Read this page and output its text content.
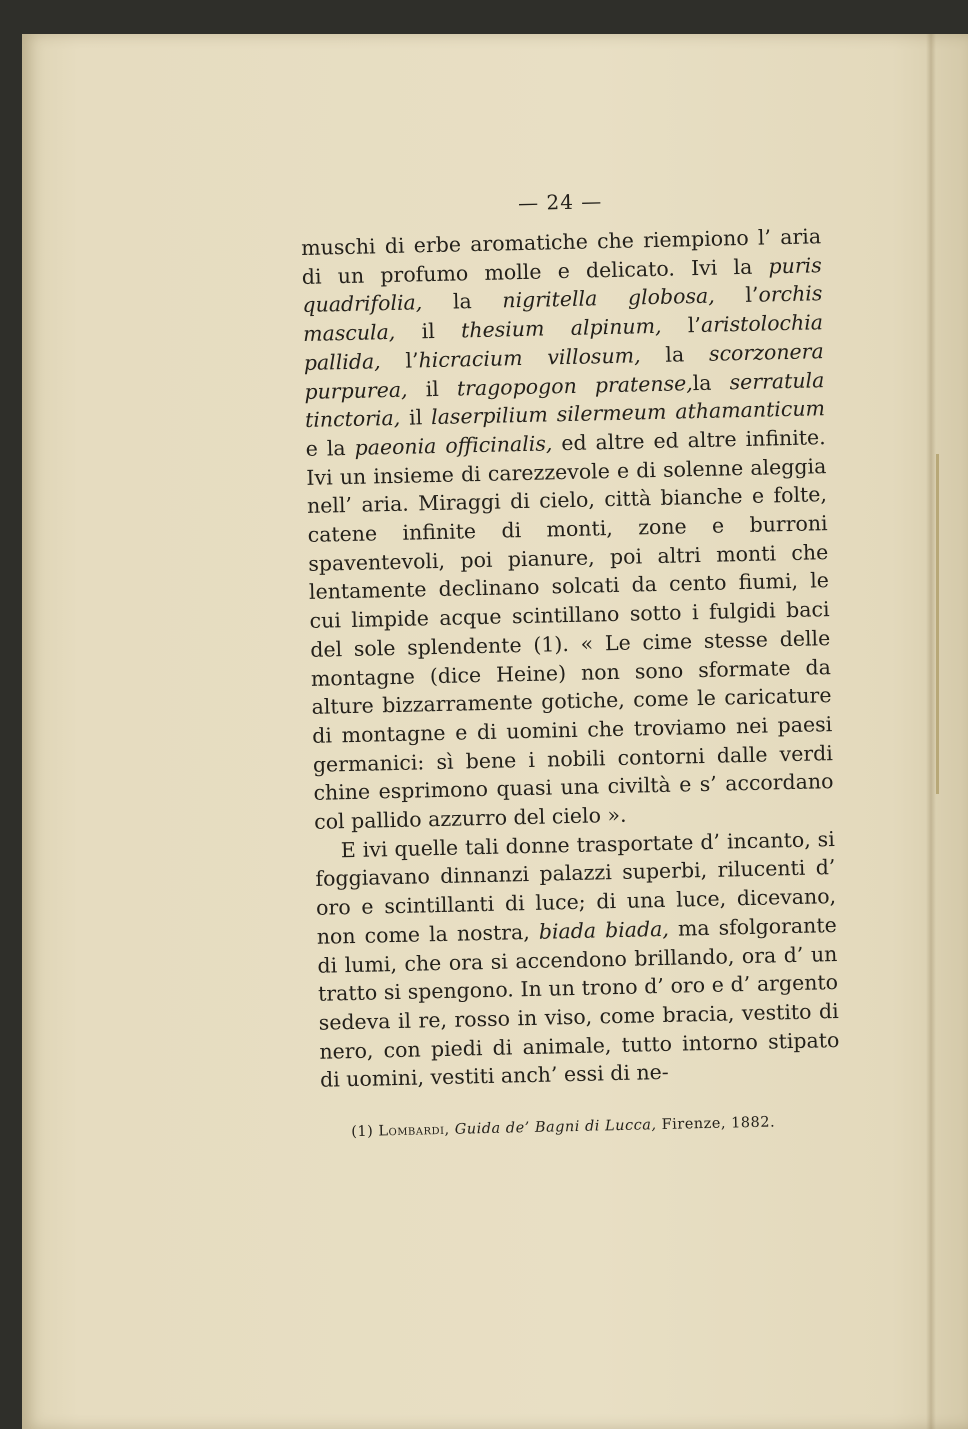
— 24 —

muschi di erbe aromatiche che riempiono l’ aria di un profumo molle e delicato. Ivi la puris quadrifolia, la nigritella globosa, l’orchis mascula, il thesium alpinum, l’aristolochia pallida, l’hicracium villosum, la scorzonera purpurea, il tragopogon pratense,la serratula tinctoria, il laserpilium silermeum athamanticum e la paeonia officinalis, ed altre ed altre infinite. Ivi un insieme di carezzevole e di solenne aleggia nell’ aria. Miraggi di cielo, città bianche e folte, catene infinite di monti, zone e burroni spaventevoli, poi pianure, poi altri monti che lentamente declinano solcati da cento fiumi, le cui limpide acque scintillano sotto i fulgidi baci del sole splendente (1). « Le cime stesse delle montagne (dice Heine) non sono sformate da alture bizzarramente gotiche, come le caricature di montagne e di uomini che troviamo nei paesi germanici: sì bene i nobili contorni dalle verdi chine esprimono quasi una civiltà e s’ accordano col pallido azzurro del cielo ».

E ivi quelle tali donne trasportate d’ incanto, si foggiavano dinnanzi palazzi superbi, rilucenti d’ oro e scintillanti di luce; di una luce, dicevano, non come la nostra, biada biada, ma sfolgorante di lumi, che ora si accendono brillando, ora d’ un tratto si spengono. In un trono d’ oro e d’ argento sedeva il re, rosso in viso, come bracia, vestito di nero, con piedi di animale, tutto intorno stipato di uomini, vestiti anch’ essi di ne-

(1) Lombardi, Guida de’ Bagni di Lucca, Firenze, 1882.
